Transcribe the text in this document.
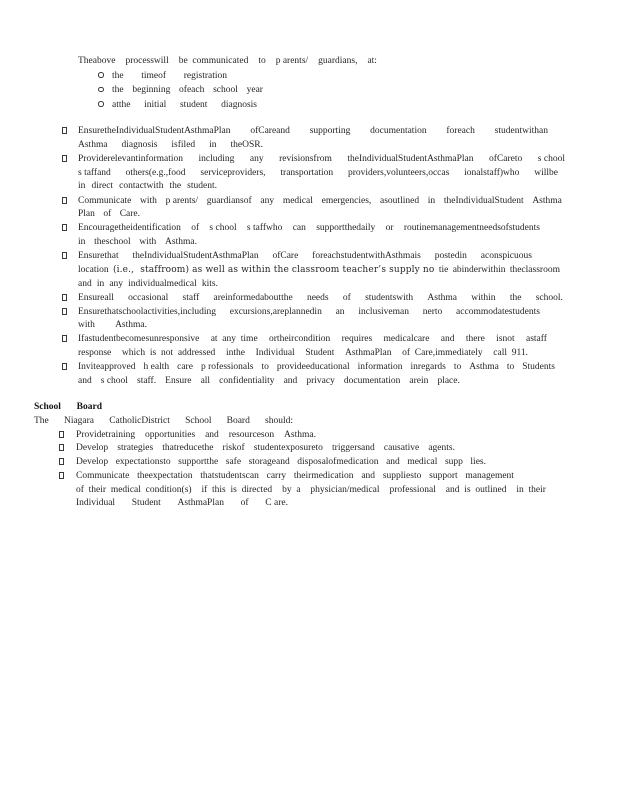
Theabove processwill be  communicated to p arents/ guardians, at:
the timeof registration
the beginning ofeach school year
atthe initial student diagnosis
EnsuretheIndividualStudentAsthmaPlan ofCareand supporting documentation foreach studentwithan
Asthma diagnosis isfiled in theOSR.
Providerelevantinformation including any revisionsfrom theIndividualStudentAsthmaPlan ofCareto s chool
s taffand others(e.g.,food serviceproviders, transportation providers,volunteers,occas ionalstaff)who willbe
in direct contactwith the student.
Communicate with p arents/ guardiansof any medical emergencies, asoutlined in theIndividualStudent Asthma
Plan of Care.
Encouragetheidentification of s chool s taffwho can supportthedaily or routinemanagementneedsofstudents
in theschool with Asthma.
Ensurethat theIndividualStudentAsthmaPlan ofCare foreachstudentwithAsthmais postedin aconspicuous
location (i.e.,  staffroom) as well as within the classroom teacher’s supply no tie abinderwithin theclassroom
and in any individualmedical kits.
Ensureall occasional staff areinformedaboutthe needs of studentswith Asthma within the school.
Ensurethatschoolactivities,including excursions,areplannedin an inclusiveman nerto accommodatestudents
with Asthma.
Ifastudentbecomesunresponsive at  any  time ortheircondition requires medicalcare and there isnot astaff
response which  is  not  addressed inthe Individual Student AsthmaPlan of  Care,immediately call  911.
Inviteapproved h ealth care p rofessionals to provideeducational information inregards to Asthma to Students
and s chool staff. Ensure all confidentiality and privacy documentation arein place.
School Board
The Niagara CatholicDistrict School Board should:
Providetraining opportunities and resourceson Asthma.
Develop strategies thatreducethe riskof studentexposureto triggersand causative agents.
Develop expectationsto supportthe safe storageand disposalofmedication and medical supp lies.
Communicate theexpectation thatstudentscan carry theirmedication and suppliesto support management
of  their  medical  condition(s) if  this  is  directed by  a physician/medical professional and  is  outlined in  their
Individual Student AsthmaPlan of C are.
